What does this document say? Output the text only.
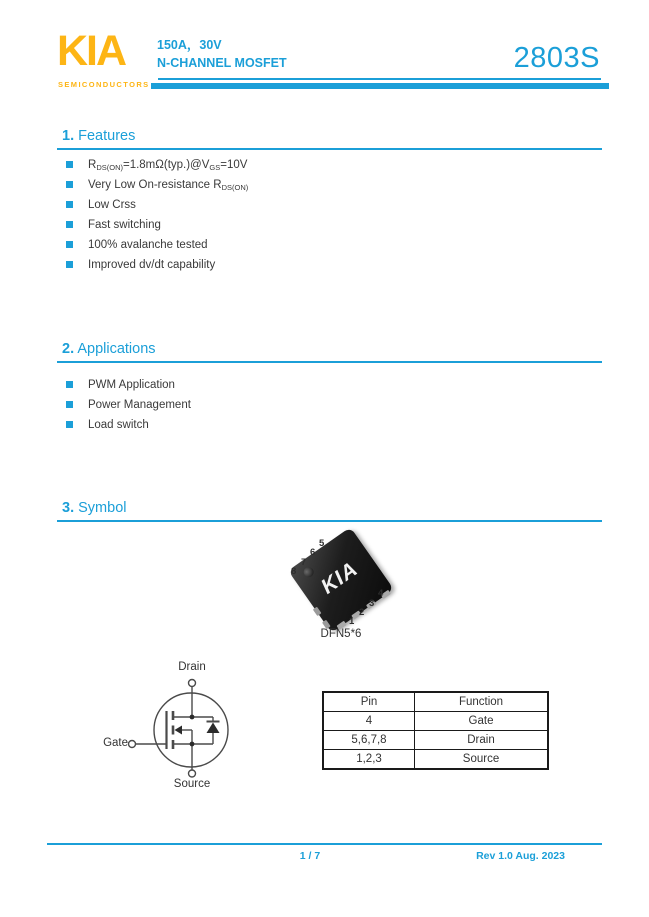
KIA
SEMICONDUCTORS
150A，30V
N-CHANNEL MOSFET	2803S
1. Features
$R_{DS(ON)}=1.8m\Omega(typ.)@V_{GS}=10V$
Very Low On-resistance $R_{DS(ON)}$
Low Crss
Fast switching
100% avalanche tested
Improved dv/dt capability
2. Applications
PWM Application
Power Management
Load switch
3. Symbol
KIA
8
7
6
5
1
2
3
4
DFN5*6
Drain
Gate
Source
Pin	Function
4	Gate
5,6,7,8	Drain
1,2,3	Source
1 / 7	Rev 1.0 Aug. 2023
